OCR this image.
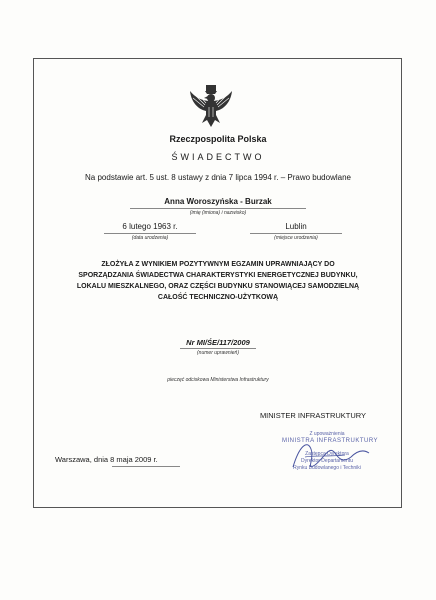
Rzeczpospolita Polska
ŚWIADECTWO
Na podstawie art. 5 ust. 8 ustawy z dnia 7 lipca 1994 r. – Prawo budowlane
Anna Woroszyńska - Burzak
(imię (imiona) i nazwisko)
6 lutego 1963 r.
(data urodzenia)
Lublin
(miejsce urodzenia)
ZŁOŻYŁA Z WYNIKIEM POZYTYWNYM EGZAMIN UPRAWNIAJĄCY DO
SPORZĄDZANIA ŚWIADECTWA CHARAKTERYSTYKI ENERGETYCZNEJ BUDYNKU,
LOKALU MIESZKALNEGO, ORAZ CZĘŚCI BUDYNKU STANOWIĄCEJ SAMODZIELNĄ
CAŁOŚĆ TECHNICZNO-UŻYTKOWĄ
Nr MI/ŚE/117/2009
(numer uprawnień)
pieczęć odciskowa Ministerstwa Infrastruktury
MINISTER INFRASTRUKTURY
Z upoważnienia
MINISTRA INFRASTRUKTURY
Zastępca Dyrektora
Dyrektor Departamentu
Rynku Budowlanego i Techniki
Warszawa, dnia 8 maja 2009 r.
